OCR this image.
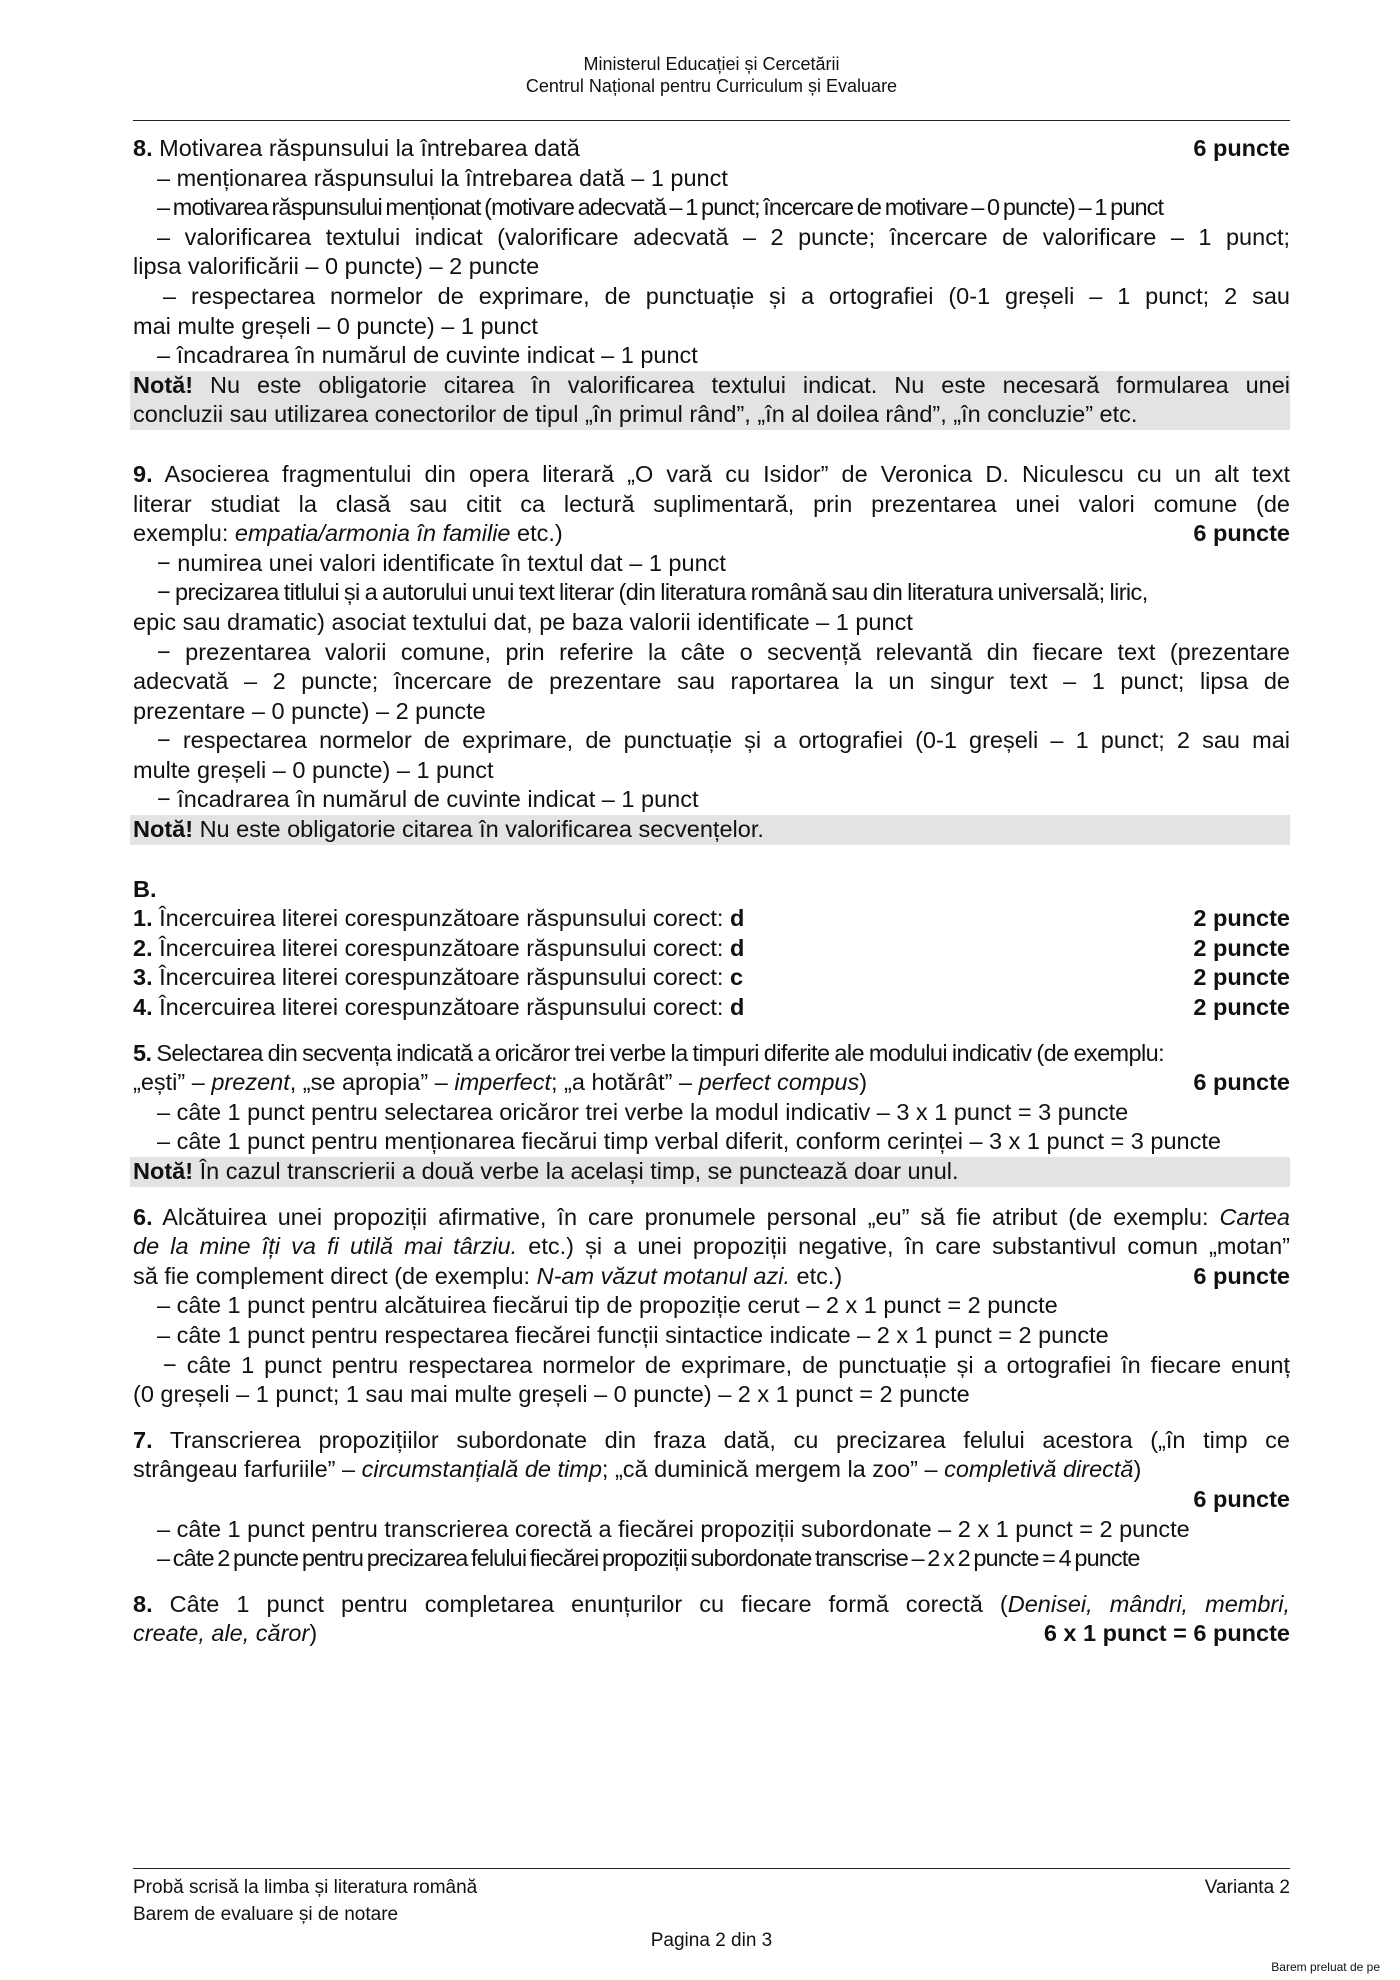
Ministerul Educației și Cercetării
Centrul Național pentru Curriculum și Evaluare
8. Motivarea răspunsului la întrebarea dată	6 puncte
– menționarea răspunsului la întrebarea dată – 1 punct
– motivarea răspunsului menționat (motivare adecvată – 1 punct; încercare de motivare – 0 puncte) – 1 punct
– valorificarea textului indicat (valorificare adecvată – 2 puncte; încercare de valorificare – 1 punct;
lipsa valorificării – 0 puncte) – 2 puncte
– respectarea normelor de exprimare, de punctuație și a ortografiei (0-1 greșeli – 1 punct; 2 sau
mai multe greșeli – 0 puncte) – 1 punct
– încadrarea în numărul de cuvinte indicat – 1 punct
Notă! Nu este obligatorie citarea în valorificarea textului indicat. Nu este necesară formularea unei
concluzii sau utilizarea conectorilor de tipul „în primul rând”, „în al doilea rând”, „în concluzie” etc.
9. Asocierea fragmentului din opera literară „O vară cu Isidor” de Veronica D. Niculescu cu un alt text
literar studiat la clasă sau citit ca lectură suplimentară, prin prezentarea unei valori comune (de
exemplu: empatia/armonia în familie etc.)	6 puncte
− numirea unei valori identificate în textul dat – 1 punct
− precizarea titlului și a autorului unui text literar (din literatura română sau din literatura universală; liric,
epic sau dramatic) asociat textului dat, pe baza valorii identificate – 1 punct
− prezentarea valorii comune, prin referire la câte o secvență relevantă din fiecare text (prezentare
adecvată – 2 puncte; încercare de prezentare sau raportarea la un singur text – 1 punct; lipsa de
prezentare – 0 puncte) – 2 puncte
− respectarea normelor de exprimare, de punctuație și a ortografiei (0-1 greșeli – 1 punct; 2 sau mai
multe greșeli – 0 puncte) – 1 punct
− încadrarea în numărul de cuvinte indicat – 1 punct
Notă! Nu este obligatorie citarea în valorificarea secvențelor.
B.
1. Încercuirea literei corespunzătoare răspunsului corect: d	2 puncte
2. Încercuirea literei corespunzătoare răspunsului corect: d	2 puncte
3. Încercuirea literei corespunzătoare răspunsului corect: c	2 puncte
4. Încercuirea literei corespunzătoare răspunsului corect: d	2 puncte
5. Selectarea din secvența indicată a oricăror trei verbe la timpuri diferite ale modului indicativ (de exemplu:
„ești” – prezent, „se apropia” – imperfect; „a hotărât” – perfect compus)	6 puncte
– câte 1 punct pentru selectarea oricăror trei verbe la modul indicativ – 3 x 1 punct = 3 puncte
– câte 1 punct pentru menționarea fiecărui timp verbal diferit, conform cerinței – 3 x 1 punct = 3 puncte
Notă! În cazul transcrierii a două verbe la același timp, se punctează doar unul.
6. Alcătuirea unei propoziții afirmative, în care pronumele personal „eu” să fie atribut (de exemplu: Cartea
de la mine îți va fi utilă mai târziu. etc.) și a unei propoziții negative, în care substantivul comun „motan”
să fie complement direct (de exemplu: N-am văzut motanul azi. etc.)	6 puncte
– câte 1 punct pentru alcătuirea fiecărui tip de propoziție cerut – 2 x 1 punct = 2 puncte
– câte 1 punct pentru respectarea fiecărei funcții sintactice indicate – 2 x 1 punct = 2 puncte
− câte 1 punct pentru respectarea normelor de exprimare, de punctuație și a ortografiei în fiecare enunț
(0 greșeli – 1 punct; 1 sau mai multe greșeli – 0 puncte) – 2 x 1 punct = 2 puncte
7. Transcrierea propozițiilor subordonate din fraza dată, cu precizarea felului acestora („în timp ce
strângeau farfuriile” – circumstanțială de timp; „că duminică mergem la zoo” – completivă directă)
6 puncte
– câte 1 punct pentru transcrierea corectă a fiecărei propoziții subordonate – 2 x 1 punct = 2 puncte
– câte 2 puncte pentru precizarea felului fiecărei propoziții subordonate transcrise – 2 x 2 puncte = 4 puncte
8. Câte 1 punct pentru completarea enunțurilor cu fiecare formă corectă (Denisei, mândri, membri,
create, ale, căror)	6 x 1 punct = 6 puncte
Probă scrisă la limba și literatura română
Barem de evaluare și de notare
Varianta 2
Pagina 2 din 3
Barem preluat de pe
